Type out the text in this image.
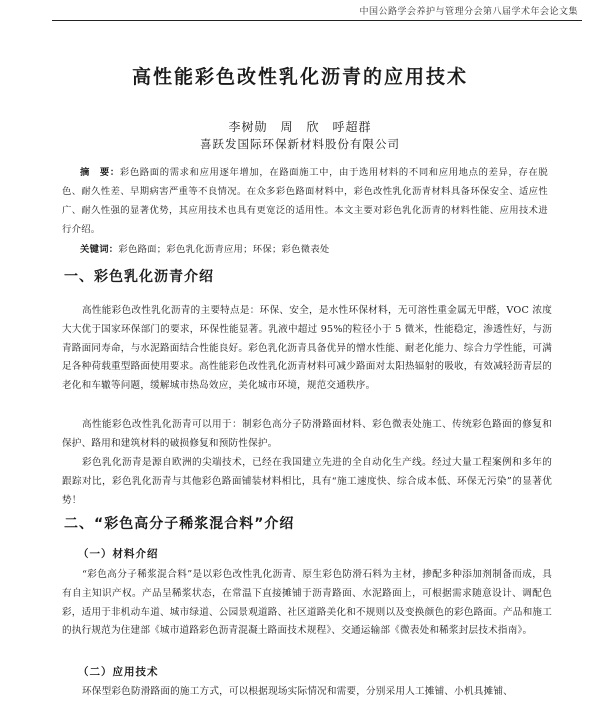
中国公路学会养护与管理分会第八届学术年会论文集
高性能彩色改性乳化沥青的应用技术
李树勋　周　欣　呼超群
喜跃发国际环保新材料股份有限公司
摘　要：彩色路面的需求和应用逐年增加，在路面施工中，由于选用材料的不同和应用地点的差异，存在脱色、耐久性差、早期病害严重等不良情况。在众多彩色路面材料中，彩色改性乳化沥青材料具备环保安全、适应性广、耐久性强的显著优势，其应用技术也具有更宽泛的适用性。本文主要对彩色乳化沥青的材料性能、应用技术进行介绍。
关键词：彩色路面；彩色乳化沥青应用；环保；彩色微表处
一、彩色乳化沥青介绍
高性能彩色改性乳化沥青的主要特点是：环保、安全，是水性环保材料，无可溶性重金属无甲醛，VOC 浓度大大优于国家环保部门的要求，环保性能显著。乳液中超过 95%的粒径小于 5 微米，性能稳定，渗透性好，与沥青路面同寿命，与水泥路面结合性能良好。彩色乳化沥青具备优异的憎水性能、耐老化能力、综合力学性能，可满足各种荷载重型路面使用要求。高性能彩色改性乳化沥青材料可减少路面对太阳热辐射的吸收，有效减轻沥青层的老化和车辙等问题，缓解城市热岛效应，美化城市环境，规范交通秩序。
高性能彩色改性乳化沥青可以用于：制彩色高分子防滑路面材料、彩色微表处施工、传统彩色路面的修复和保护、路用和建筑材料的破损修复和预防性保护。
彩色乳化沥青是源自欧洲的尖端技术，已经在我国建立先进的全自动化生产线。经过大量工程案例和多年的跟踪对比，彩色乳化沥青与其他彩色路面铺装材料相比，具有“施工速度快、综合成本低、环保无污染”的显著优势！
二、“彩色高分子稀浆混合料”介绍
（一）材料介绍
“彩色高分子稀浆混合料”是以彩色改性乳化沥青、原生彩色防滑石料为主材，掺配多种添加剂制备而成，具有自主知识产权。产品呈稀浆状态，在常温下直接摊铺于沥青路面、水泥路面上，可根据需求随意设计、调配色彩，适用于非机动车道、城市绿道、公园景观道路、社区道路美化和不规则以及变换颜色的彩色路面。产品和施工的执行规范为住建部《城市道路彩色沥青混凝土路面技术规程》、交通运输部《微表处和稀浆封层技术指南》。
（二）应用技术
环保型彩色防滑路面的施工方式，可以根据现场实际情况和需要，分别采用人工摊铺、小机具摊铺、
